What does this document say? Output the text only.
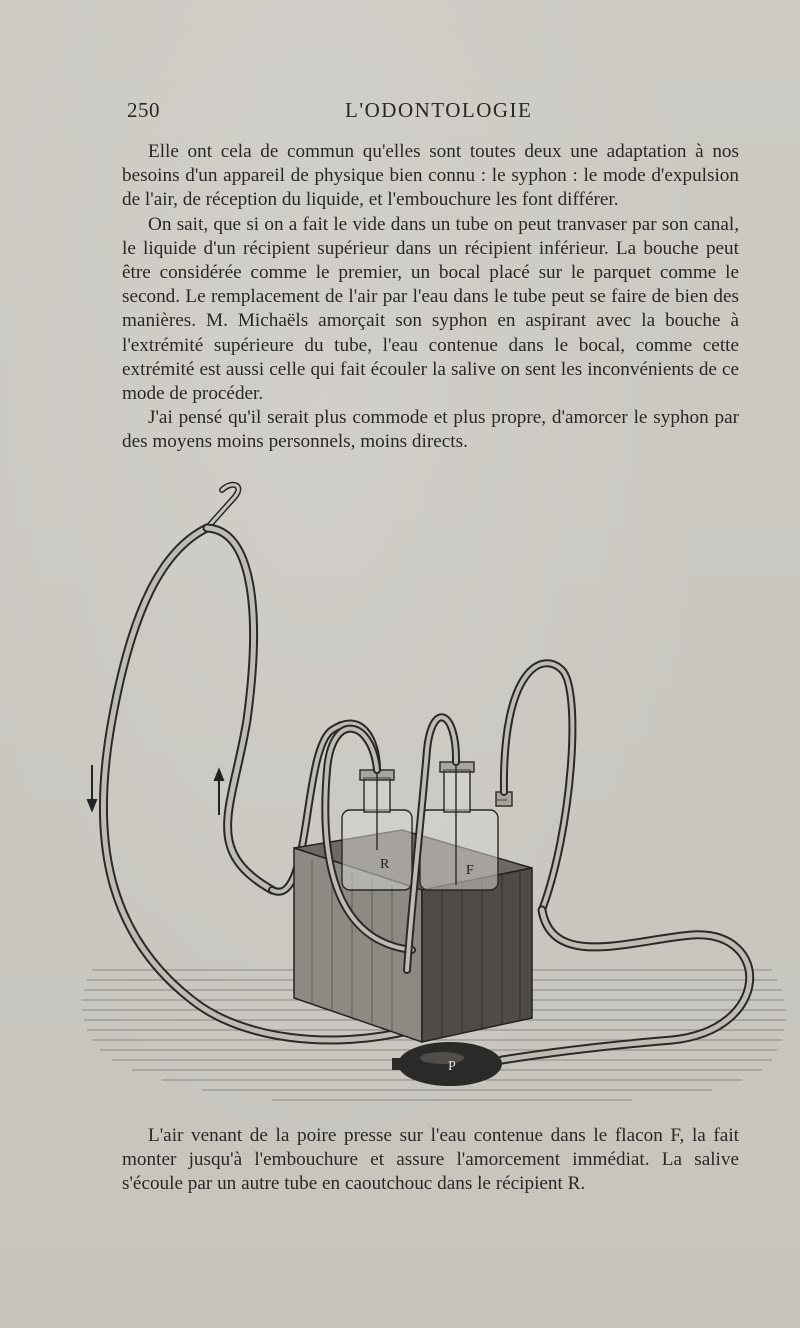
250	L'ODONTOLOGIE

Elle ont cela de commun qu'elles sont toutes deux une adaptation à nos besoins d'un appareil de physique bien connu : le syphon : le mode d'expulsion de l'air, de réception du liquide, et l'embouchure les font différer.

On sait, que si on a fait le vide dans un tube on peut tranvaser par son canal, le liquide d'un récipient supérieur dans un récipient inférieur. La bouche peut être considérée comme le premier, un bocal placé sur le parquet comme le second. Le remplacement de l'air par l'eau dans le tube peut se faire de bien des manières. M. Michaëls amorçait son syphon en aspirant avec la bouche à l'extrémité supérieure du tube, l'eau contenue dans le bocal, comme cette extrémité est aussi celle qui fait écouler la salive on sent les inconvénients de ce mode de procéder.

J'ai pensé qu'il serait plus commode et plus propre, d'amorcer le syphon par des moyens moins personnels, moins directs.

R	F
P

L'air venant de la poire presse sur l'eau contenue dans le flacon F, la fait monter jusqu'à l'embouchure et assure l'amorcement immédiat. La salive s'écoule par un autre tube en caoutchouc dans le récipient R.
